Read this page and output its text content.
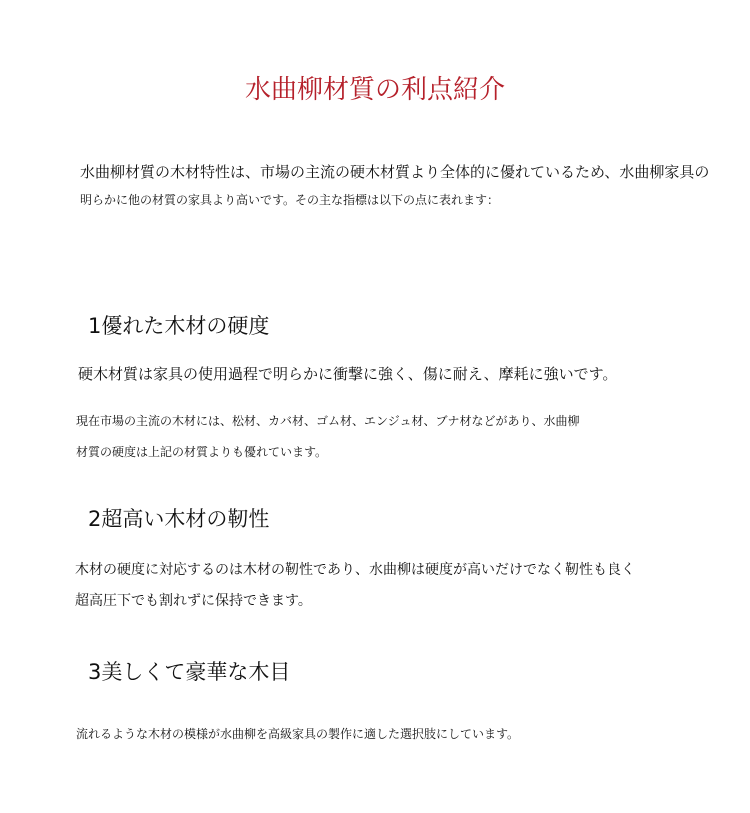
水曲柳材質の利点紹介

水曲柳材質の木材特性は、市場の主流の硬木材質より全体的に優れているため、水曲柳家具の

明らかに他の材質の家具より高いです。その主な指標は以下の点に表れます：

1優れた木材の硬度

硬木材質は家具の使用過程で明らかに衝撃に強く、傷に耐え、摩耗に強いです。

現在市場の主流の木材には、松材、カバ材、ゴム材、エンジュ材、ブナ材などがあり、水曲柳

材質の硬度は上記の材質よりも優れています。

2超高い木材の靭性

木材の硬度に対応するのは木材の靭性であり、水曲柳は硬度が高いだけでなく靭性も良く

超高圧下でも割れずに保持できます。

3美しくて豪華な木目

流れるような木材の模様が水曲柳を高級家具の製作に適した選択肢にしています。
